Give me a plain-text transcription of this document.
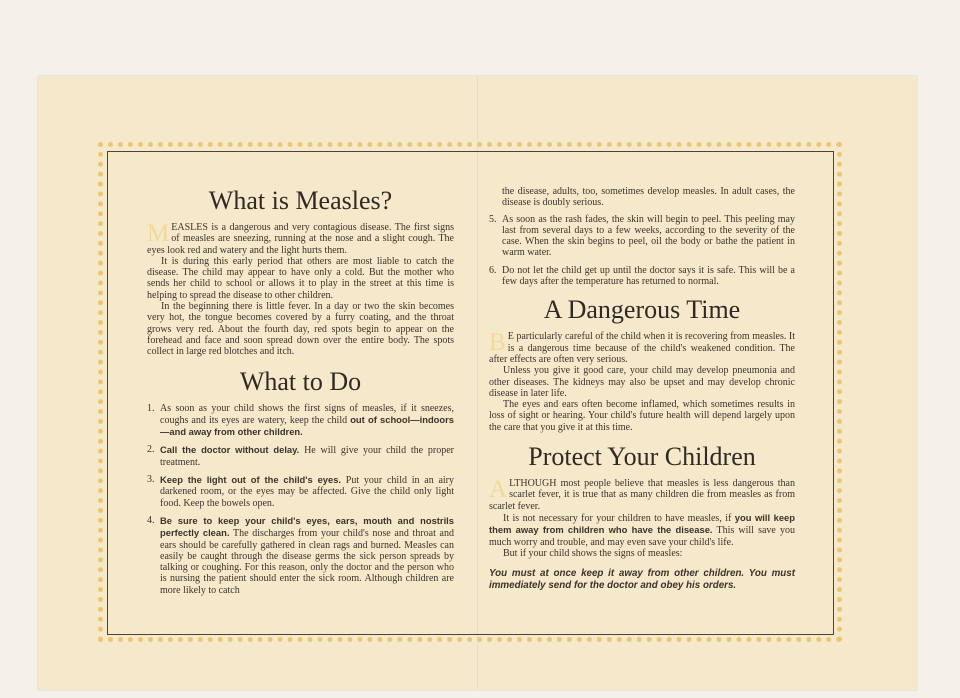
What is Measles?

MEASLES is a dangerous and very contagious disease. The first signs of measles are sneezing, running at the nose and a slight cough. The eyes look red and watery and the light hurts them.

It is during this early period that others are most liable to catch the disease. The child may appear to have only a cold. But the mother who sends her child to school or allows it to play in the street at this time is helping to spread the disease to other children.

In the beginning there is little fever. In a day or two the skin becomes very hot, the tongue becomes covered by a furry coating, and the throat grows very red. About the fourth day, red spots begin to appear on the forehead and face and soon spread down over the entire body. The spots collect in large red blotches and itch.

What to Do
1. As soon as your child shows the first signs of measles, if it sneezes, coughs and its eyes are watery, keep the child out of school—indoors—and away from other children.
2. Call the doctor without delay. He will give your child the proper treatment.
3. Keep the light out of the child's eyes. Put your child in an airy darkened room, or the eyes may be affected. Give the child only light food. Keep the bowels open.
4. Be sure to keep your child's eyes, ears, mouth and nostrils perfectly clean. The discharges from your child's nose and throat and ears should be carefully gathered in clean rags and burned. Measles can easily be caught through the disease germs the sick person spreads by talking or coughing. For this reason, only the doctor and the person who is nursing the patient should enter the sick room. Although children are more likely to catch

the disease, adults, too, sometimes develop measles. In adult cases, the disease is doubly serious.

5. As soon as the rash fades, the skin will begin to peel. This peeling may last from several days to a few weeks, according to the severity of the case. When the skin begins to peel, oil the body or bathe the patient in warm water.
6. Do not let the child get up until the doctor says it is safe. This will be a few days after the temperature has returned to normal.
A Dangerous Time

B E particularly careful of the child when it is recovering from measles. It is a dangerous time because of the child's weakened condition. The after effects are often very serious.

Unless you give it good care, your child may develop pneumonia and other diseases. The kidneys may also be upset and may develop chronic disease in later life.

The eyes and ears often become inflamed, which sometimes results in loss of sight or hearing. Your child's future health will depend largely upon the care that you give it at this time.

Protect Your Children

ALTHOUGH most people believe that measles is less dangerous than scarlet fever, it is true that as many children die from measles as from scarlet fever.

It is not necessary for your children to have measles, if you will keep them away from children who have the disease. This will save you much worry and trouble, and may even save your child's life.

But if your child shows the signs of measles:

You must at once keep it away from other children. You must immediately send for the doctor and obey his orders.
